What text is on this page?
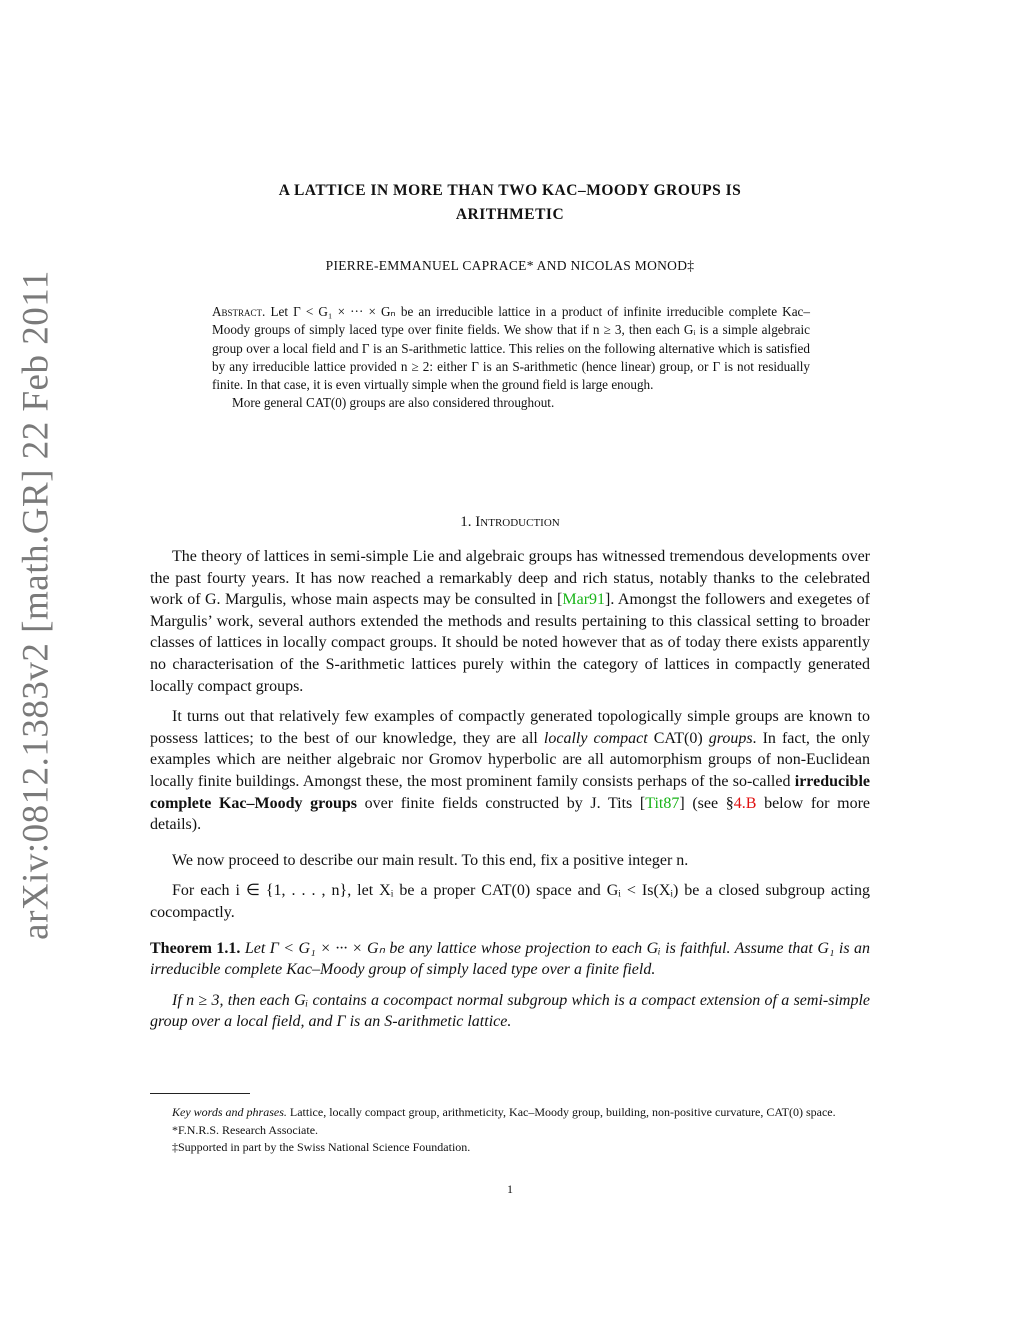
arXiv:0812.1383v2 [math.GR] 22 Feb 2011
A LATTICE IN MORE THAN TWO KAC–MOODY GROUPS IS
ARITHMETIC
PIERRE-EMMANUEL CAPRACE* AND NICOLAS MONOD‡

Abstract. Let Γ < G₁ × ··· × Gₙ be an irreducible lattice in a product of infinite irreducible complete Kac–Moody groups of simply laced type over finite fields. We show that if n ≥ 3, then each Gᵢ is a simple algebraic group over a local field and Γ is an S-arithmetic lattice. This relies on the following alternative which is satisfied by any irreducible lattice provided n ≥ 2: either Γ is an S-arithmetic (hence linear) group, or Γ is not residually finite. In that case, it is even virtually simple when the ground field is large enough.

More general CAT(0) groups are also considered throughout.

1. Introduction

The theory of lattices in semi-simple Lie and algebraic groups has witnessed tremendous developments over the past fourty years. It has now reached a remarkably deep and rich status, notably thanks to the celebrated work of G. Margulis, whose main aspects may be consulted in [Mar91]. Amongst the followers and exegetes of Margulis’ work, several authors extended the methods and results pertaining to this classical setting to broader classes of lattices in locally compact groups. It should be noted however that as of today there exists apparently no characterisation of the S-arithmetic lattices purely within the category of lattices in compactly generated locally compact groups.

It turns out that relatively few examples of compactly generated topologically simple groups are known to possess lattices; to the best of our knowledge, they are all locally compact CAT(0) groups. In fact, the only examples which are neither algebraic nor Gromov hyperbolic are all automorphism groups of non-Euclidean locally finite buildings. Amongst these, the most prominent family consists perhaps of the so-called irreducible complete Kac–Moody groups over finite fields constructed by J. Tits [Tit87] (see §4.B below for more details).

We now proceed to describe our main result. To this end, fix a positive integer n.

For each i ∈ {1, . . . , n}, let Xᵢ be a proper CAT(0) space and Gᵢ < Is(Xᵢ) be a closed subgroup acting cocompactly.

Theorem 1.1. Let Γ < G₁ × ··· × Gₙ be any lattice whose projection to each Gᵢ is faithful. Assume that G₁ is an irreducible complete Kac–Moody group of simply laced type over a finite field.

If n ≥ 3, then each Gᵢ contains a cocompact normal subgroup which is a compact extension of a semi-simple group over a local field, and Γ is an S-arithmetic lattice.

Key words and phrases. Lattice, locally compact group, arithmeticity, Kac–Moody group, building, non-positive curvature, CAT(0) space.

*F.N.R.S. Research Associate.

‡Supported in part by the Swiss National Science Foundation.

1
